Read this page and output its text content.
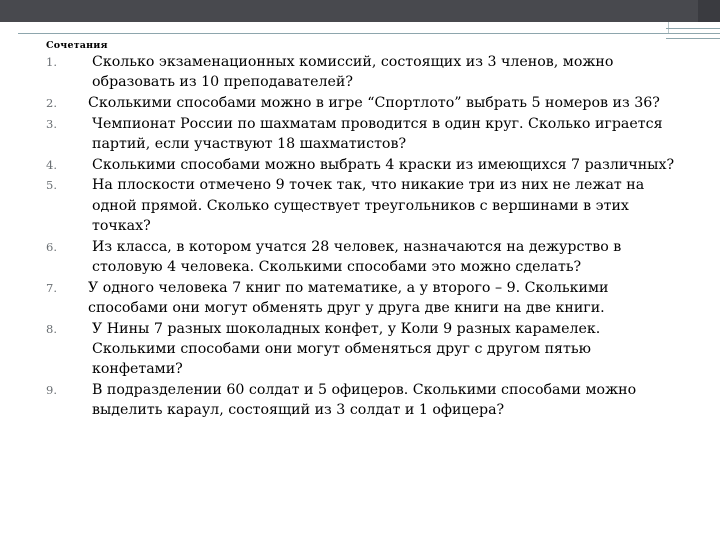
Сочетания
1.	Сколько экзаменационных комиссий, состоящих из 3 членов, можно образовать из 10 преподавателей?
2.	Сколькими способами можно в игре “Спортлото” выбрать 5 номеров из 36?
3.	Чемпионат России по шахматам проводится в один круг. Сколько играется партий, если участвуют 18 шахматистов?
4.	Сколькими способами можно выбрать 4 краски из имеющихся 7 различных?
5.	На плоскости отмечено 9 точек так, что никакие три из них не лежат на одной прямой. Сколько существует треугольников с вершинами в этих точках?
6.	Из класса, в котором учатся 28 человек, назначаются на дежурство в столовую 4 человека. Сколькими способами это можно сделать?
7.	У одного человека 7 книг по математике, а у второго – 9. Сколькими способами они могут обменять друг у друга две книги на две книги.
8.	У Нины 7 разных шоколадных конфет, у Коли 9 разных карамелек. Сколькими способами они могут обменяться друг с другом пятью конфетами?
9.	В подразделении 60 солдат и 5 офицеров. Сколькими способами можно выделить караул, состоящий из 3 солдат и 1 офицера?
